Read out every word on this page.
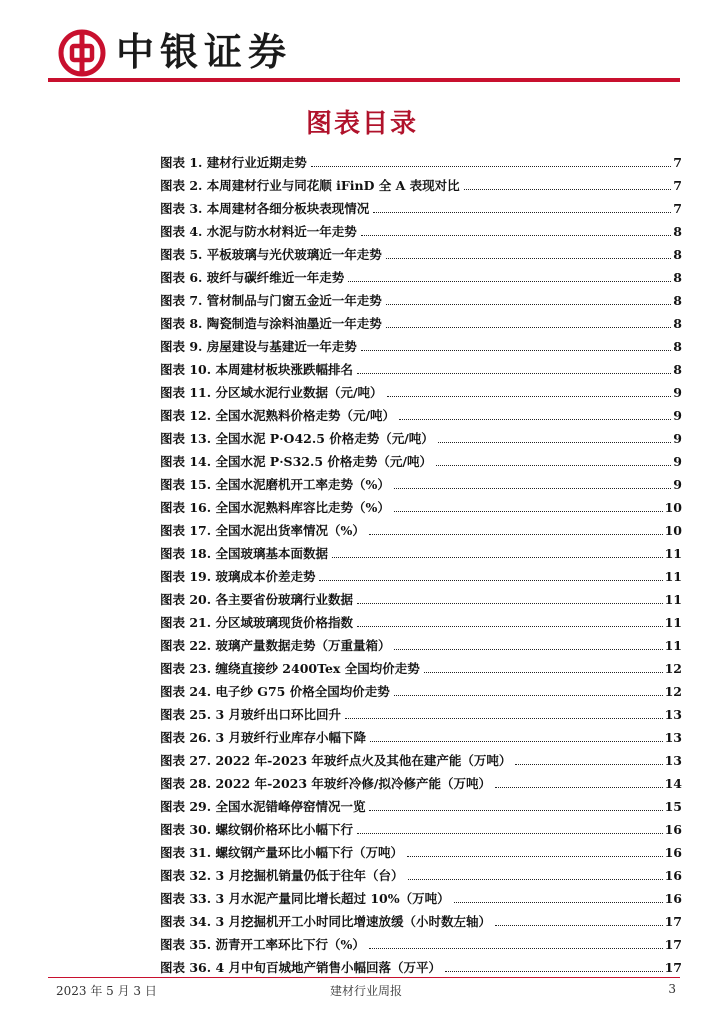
中银证券
图表目录
图表 1. 建材行业近期走势	7
图表 2. 本周建材行业与同花顺 iFinD 全 A 表现对比	7
图表 3. 本周建材各细分板块表现情况	7
图表 4. 水泥与防水材料近一年走势	8
图表 5. 平板玻璃与光伏玻璃近一年走势	8
图表 6. 玻纤与碳纤维近一年走势	8
图表 7. 管材制品与门窗五金近一年走势	8
图表 8. 陶瓷制造与涂料油墨近一年走势	8
图表 9. 房屋建设与基建近一年走势	8
图表 10. 本周建材板块涨跌幅排名	8
图表 11. 分区域水泥行业数据（元/吨）	9
图表 12. 全国水泥熟料价格走势（元/吨）	9
图表 13. 全国水泥 P·O42.5 价格走势（元/吨）	9
图表 14. 全国水泥 P·S32.5 价格走势（元/吨）	9
图表 15. 全国水泥磨机开工率走势（%）	9
图表 16. 全国水泥熟料库容比走势（%）	10
图表 17. 全国水泥出货率情况（%）	10
图表 18. 全国玻璃基本面数据	11
图表 19. 玻璃成本价差走势	11
图表 20. 各主要省份玻璃行业数据	11
图表 21. 分区域玻璃现货价格指数	11
图表 22. 玻璃产量数据走势（万重量箱）	11
图表 23. 缠绕直接纱 2400Tex 全国均价走势	12
图表 24. 电子纱 G75 价格全国均价走势	12
图表 25. 3 月玻纤出口环比回升	13
图表 26. 3 月玻纤行业库存小幅下降	13
图表 27. 2022 年-2023 年玻纤点火及其他在建产能（万吨）	13
图表 28. 2022 年-2023 年玻纤冷修/拟冷修产能（万吨）	14
图表 29. 全国水泥错峰停窑情况一览	15
图表 30. 螺纹钢价格环比小幅下行	16
图表 31. 螺纹钢产量环比小幅下行（万吨）	16
图表 32. 3 月挖掘机销量仍低于往年（台）	16
图表 33. 3 月水泥产量同比增长超过 10%（万吨）	16
图表 34. 3 月挖掘机开工小时同比增速放缓（小时数左轴）	17
图表 35. 沥青开工率环比下行（%）	17
图表 36. 4 月中旬百城地产销售小幅回落（万平）	17
2023 年 5 月 3 日	建材行业周报	3
